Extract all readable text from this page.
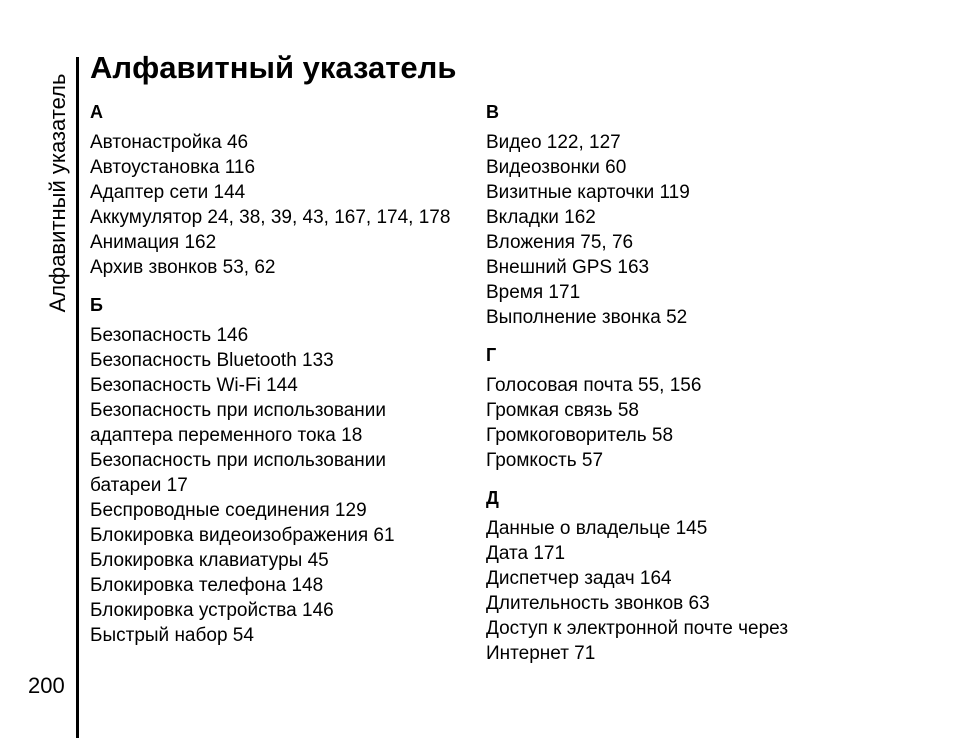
Алфавитный указатель
200
Алфавитный указатель
А
Автонастройка 46
Автоустановка 116
Адаптер сети 144
Аккумулятор 24, 38, 39, 43, 167, 174, 178
Анимация 162
Архив звонков 53, 62
Б
Безопасность 146
Безопасность Bluetooth 133
Безопасность Wi-Fi 144
Безопасность при использовании адаптера переменного тока 18
Безопасность при использовании батареи 17
Беспроводные соединения 129
Блокировка видеоизображения 61
Блокировка клавиатуры 45
Блокировка телефона 148
Блокировка устройства 146
Быстрый набор 54
В
Видео 122, 127
Видеозвонки 60
Визитные карточки 119
Вкладки 162
Вложения 75, 76
Внешний GPS 163
Время 171
Выполнение звонка 52
Г
Голосовая почта 55, 156
Громкая связь 58
Громкоговоритель 58
Громкость 57
Д
Данные о владельце 145
Дата 171
Диспетчер задач 164
Длительность звонков 63
Доступ к электронной почте через Интернет 71
